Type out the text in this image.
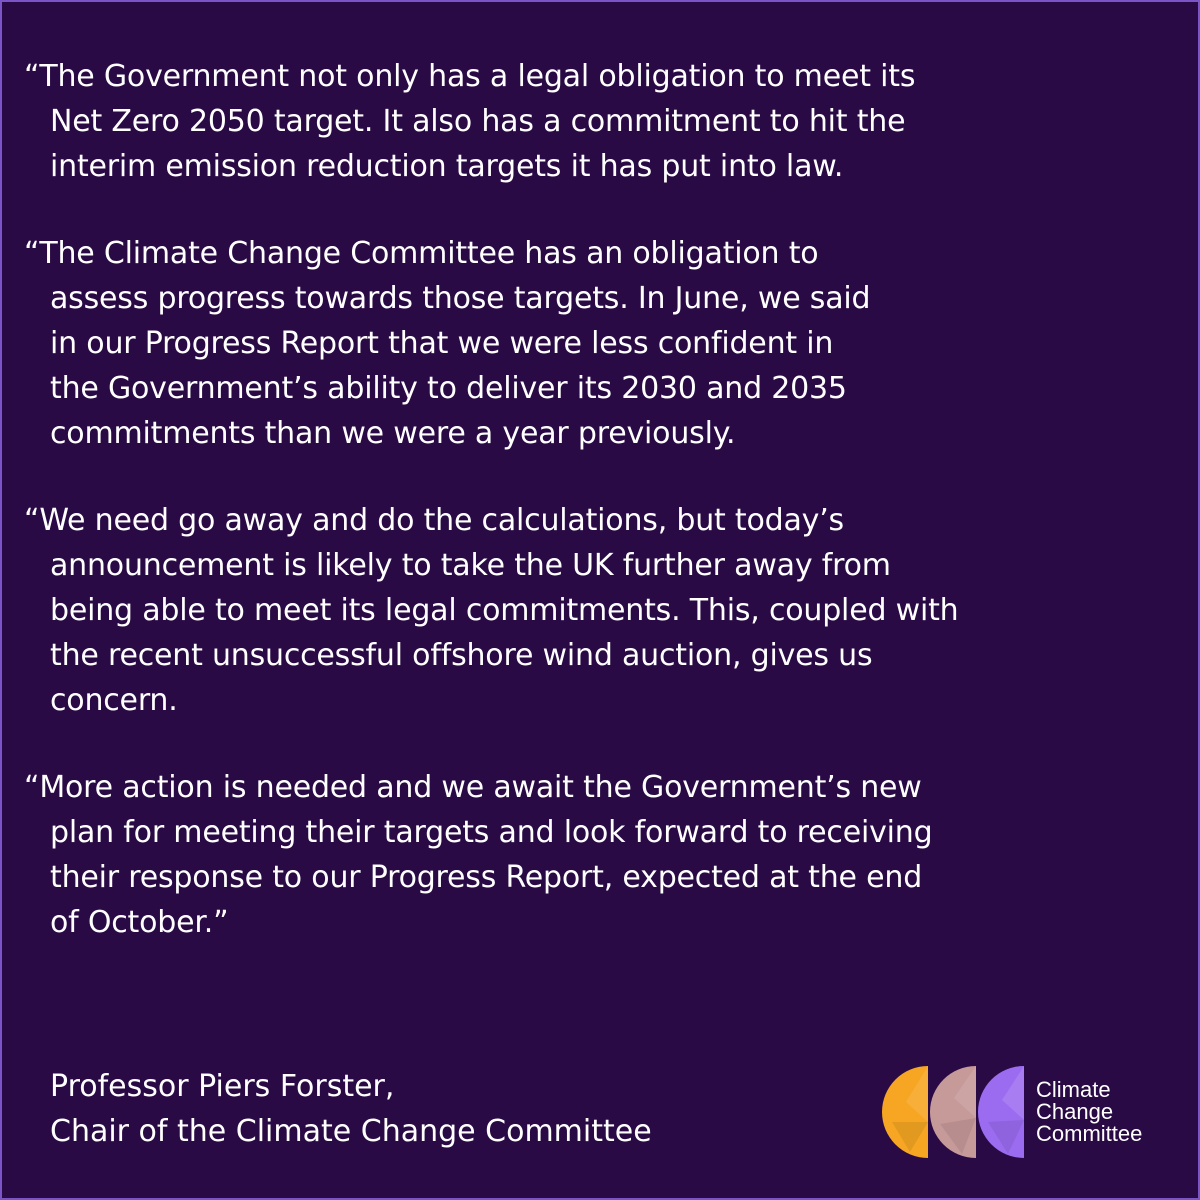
“The Government not only has a legal obligation to meet its
Net Zero 2050 target. It also has a commitment to hit the
interim emission reduction targets it has put into law.

“The Climate Change Committee has an obligation to
assess progress towards those targets. In June, we said
in our Progress Report that we were less confident in
the Government’s ability to deliver its 2030 and 2035
commitments than we were a year previously.

“We need go away and do the calculations, but today’s
announcement is likely to take the UK further away from
being able to meet its legal commitments. This, coupled with
the recent unsuccessful offshore wind auction, gives us
concern.

“More action is needed and we await the Government’s new
plan for meeting their targets and look forward to receiving
their response to our Progress Report, expected at the end
of October.”

Professor Piers Forster,
Chair of the Climate Change Committee
Climate
Change
Committee
